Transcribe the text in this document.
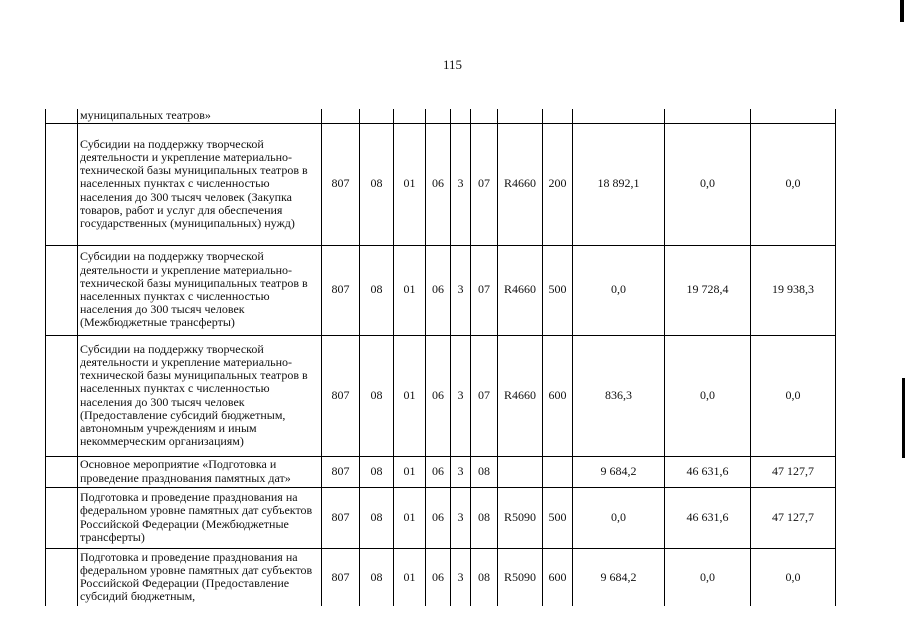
115
	муниципальных театров»											
	Субсидии на поддержку творческой деятельности и укрепление материально-технической базы муниципальных театров в населенных пунктах с численностью населения до 300 тысяч человек (Закупка товаров, работ и услуг для обеспечения государственных (муниципальных) нужд)	807	08	01	06	3	07	R4660	200	18 892,1	0,0	0,0
	Субсидии на поддержку творческой деятельности и укрепление материально-технической базы муниципальных театров в населенных пунктах с численностью населения до 300 тысяч человек (Межбюджетные трансферты)	807	08	01	06	3	07	R4660	500	0,0	19 728,4	19 938,3
	Субсидии на поддержку творческой деятельности и укрепление материально-технической базы муниципальных театров в населенных пунктах с численностью населения до 300 тысяч человек (Предоставление субсидий бюджетным, автономным учреждениям и иным некоммерческим организациям)	807	08	01	06	3	07	R4660	600	836,3	0,0	0,0
	Основное мероприятие «Подготовка и проведение празднования памятных дат»	807	08	01	06	3	08			9 684,2	46 631,6	47 127,7
	Подготовка и проведение празднования на федеральном уровне памятных дат субъектов Российской Федерации (Межбюджетные трансферты)	807	08	01	06	3	08	R5090	500	0,0	46 631,6	47 127,7
	Подготовка и проведение празднования на федеральном уровне памятных дат субъектов Российской Федерации (Предоставление субсидий бюджетным,	807	08	01	06	3	08	R5090	600	9 684,2	0,0	0,0
